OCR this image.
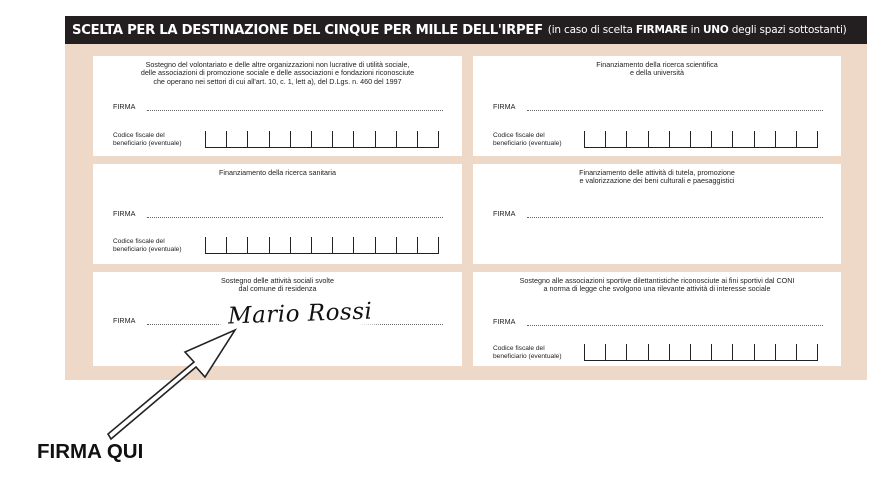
SCELTA PER LA DESTINAZIONE DEL CINQUE PER MILLE DELL'IRPEF (in caso di scelta FIRMARE in UNO degli spazi sottostanti)
Sostegno del volontariato e delle altre organizzazioni non lucrative di utilità sociale,
delle associazioni di promozione sociale e delle associazioni e fondazioni riconosciute
che operano nei settori di cui all'art. 10, c. 1, lett a), del D.Lgs. n. 460 del 1997
FIRMA
Codice fiscale del
beneficiario (eventuale)
Finanziamento della ricerca scientifica
e della università
FIRMA
Codice fiscale del
beneficiario (eventuale)
Finanziamento della ricerca sanitaria
FIRMA
Codice fiscale del
beneficiario (eventuale)
Finanziamento delle attività di tutela, promozione
e valorizzazione dei beni culturali e paesaggistici
FIRMA
Sostegno delle attività sociali svolte
dal comune di residenza
FIRMA	Mario Rossi
Sostegno alle associazioni sportive dilettantistiche riconosciute ai fini sportivi dal CONI
a norma di legge che svolgono una rilevante attività di interesse sociale
FIRMA
Codice fiscale del
beneficiario (eventuale)
FIRMA QUI
